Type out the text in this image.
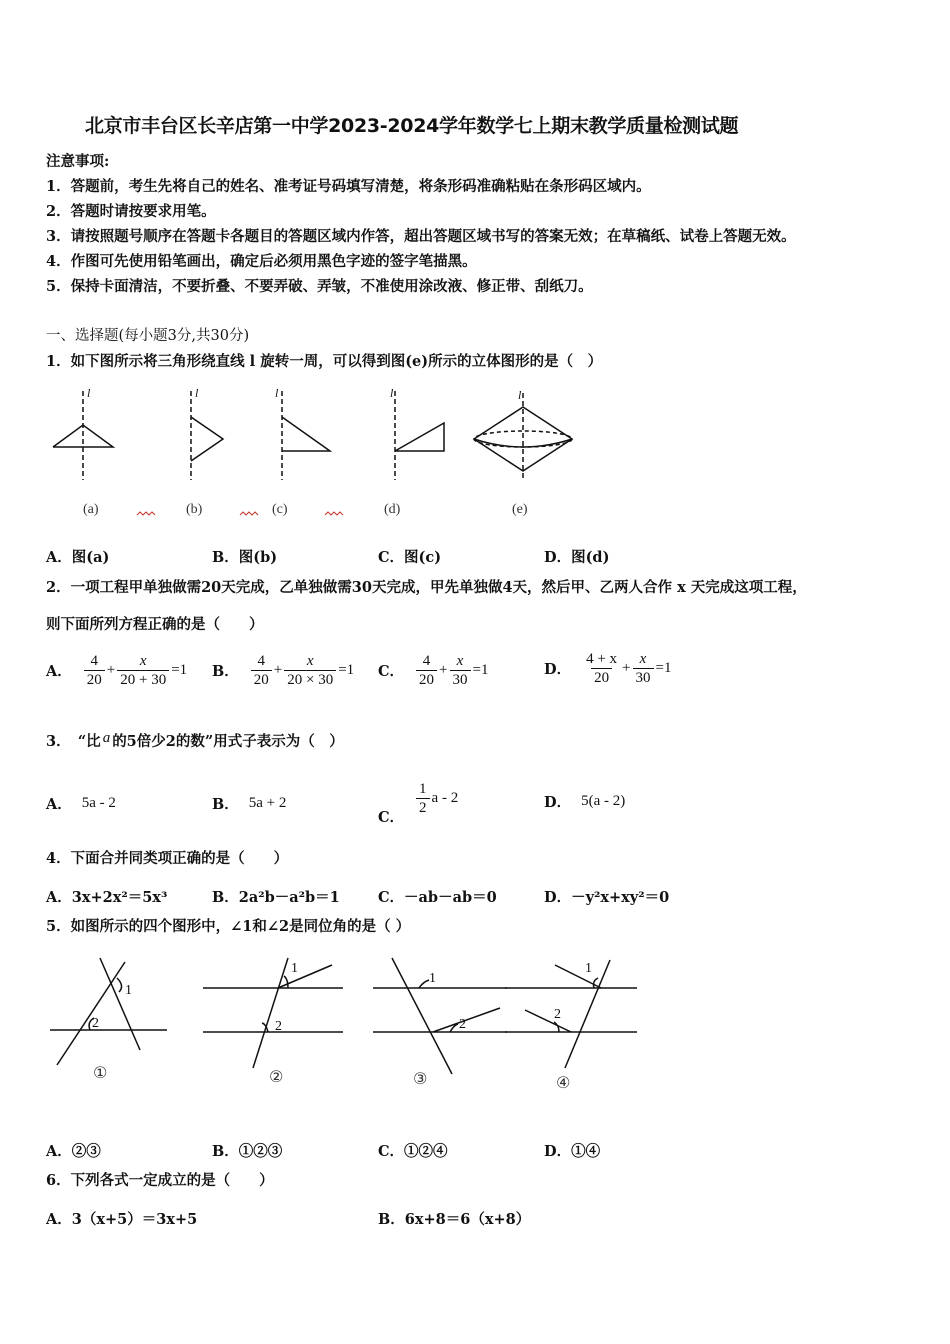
北京市丰台区长辛店第一中学2023-2024学年数学七上期末教学质量检测试题
注意事项:
1．答题前，考生先将自己的姓名、准考证号码填写清楚，将条形码准确粘贴在条形码区域内。
2．答题时请按要求用笔。
3．请按照题号顺序在答题卡各题目的答题区域内作答，超出答题区域书写的答案无效；在草稿纸、试卷上答题无效。
4．作图可先使用铅笔画出，确定后必须用黑色字迹的签字笔描黑。
5．保持卡面清洁，不要折叠、不要弄破、弄皱，不准使用涂改液、修正带、刮纸刀。
一、选择题(每小题3分,共30分)
1．如下图所示将三角形绕直线 l 旋转一周，可以得到图(e)所示的立体图形的是（　）
l	l	l	l	l
(a)	(b)	(c)	(d)	(e)
A．图(a)	B．图(b)	C．图(c)	D．图(d)
2．一项工程甲单独做需20天完成，乙单独做需30天完成，甲先单独做4天，然后甲、乙两人合作 x 天完成这项工程，
则下面所列方程正确的是（　　）
A． $\frac{4}{20} + \frac{x}{20 + 30} =1$ B． $\frac{4}{20} + \frac{x}{20 \times 30} =1$ C． $\frac{4}{20} + \frac{x}{30} =1$	D． $\frac{4 + x}{20} + \frac{x}{30} =1$
3．　“比 a 的5倍少2的数”用式子表示为（　）
A． 5a - 2	B． 5a + 2
C．
$\frac{1}{2}$ a - 2	D． 5(a - 2)
4．下面合并同类项正确的是（　　）
A．3x+2x²＝5x³	B．2a²b－a²b＝1	C．－ab－ab＝0	D．－y²x+xy²＝0
5．如图所示的四个图形中，∠1和∠2是同位角的是（ ）
1
2
1
2
1
2
1
2
①	②	③	④
A．②③	B．①②③	C．①②④	D．①④
6．下列各式一定成立的是（　　）
A．3（x+5）＝3x+5	B．6x+8＝6（x+8）
